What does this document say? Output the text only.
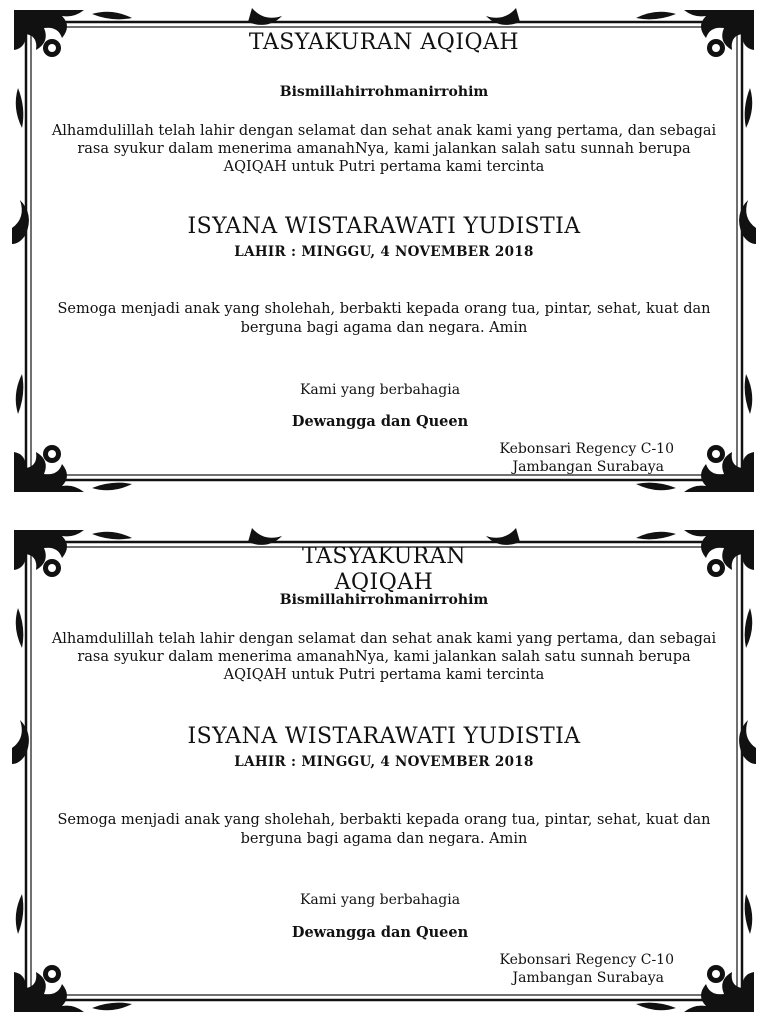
TASYAKURAN AQIQAH
Bismillahirrohmanirrohim
Alhamdulillah telah lahir dengan selamat dan sehat anak kami yang pertama, dan sebagai
rasa syukur dalam menerima amanahNya, kami jalankan salah satu sunnah berupa
AQIQAH untuk Putri pertama kami tercinta
ISYANA WISTARAWATI YUDISTIA
LAHIR : MINGGU, 4 NOVEMBER 2018
Semoga menjadi anak yang sholehah, berbakti kepada orang tua, pintar, sehat, kuat dan
berguna bagi agama dan negara. Amin
Kami yang berbahagia
Dewangga dan Queen
Kebonsari Regency C-10
Jambangan Surabaya
TASYAKURAN AQIQAH
Bismillahirrohmanirrohim
Alhamdulillah telah lahir dengan selamat dan sehat anak kami yang pertama, dan sebagai
rasa syukur dalam menerima amanahNya, kami jalankan salah satu sunnah berupa
AQIQAH untuk Putri pertama kami tercinta
ISYANA WISTARAWATI YUDISTIA
LAHIR : MINGGU, 4 NOVEMBER 2018
Semoga menjadi anak yang sholehah, berbakti kepada orang tua, pintar, sehat, kuat dan
berguna bagi agama dan negara. Amin
Kami yang berbahagia
Dewangga dan Queen
Kebonsari Regency C-10
Jambangan Surabaya
